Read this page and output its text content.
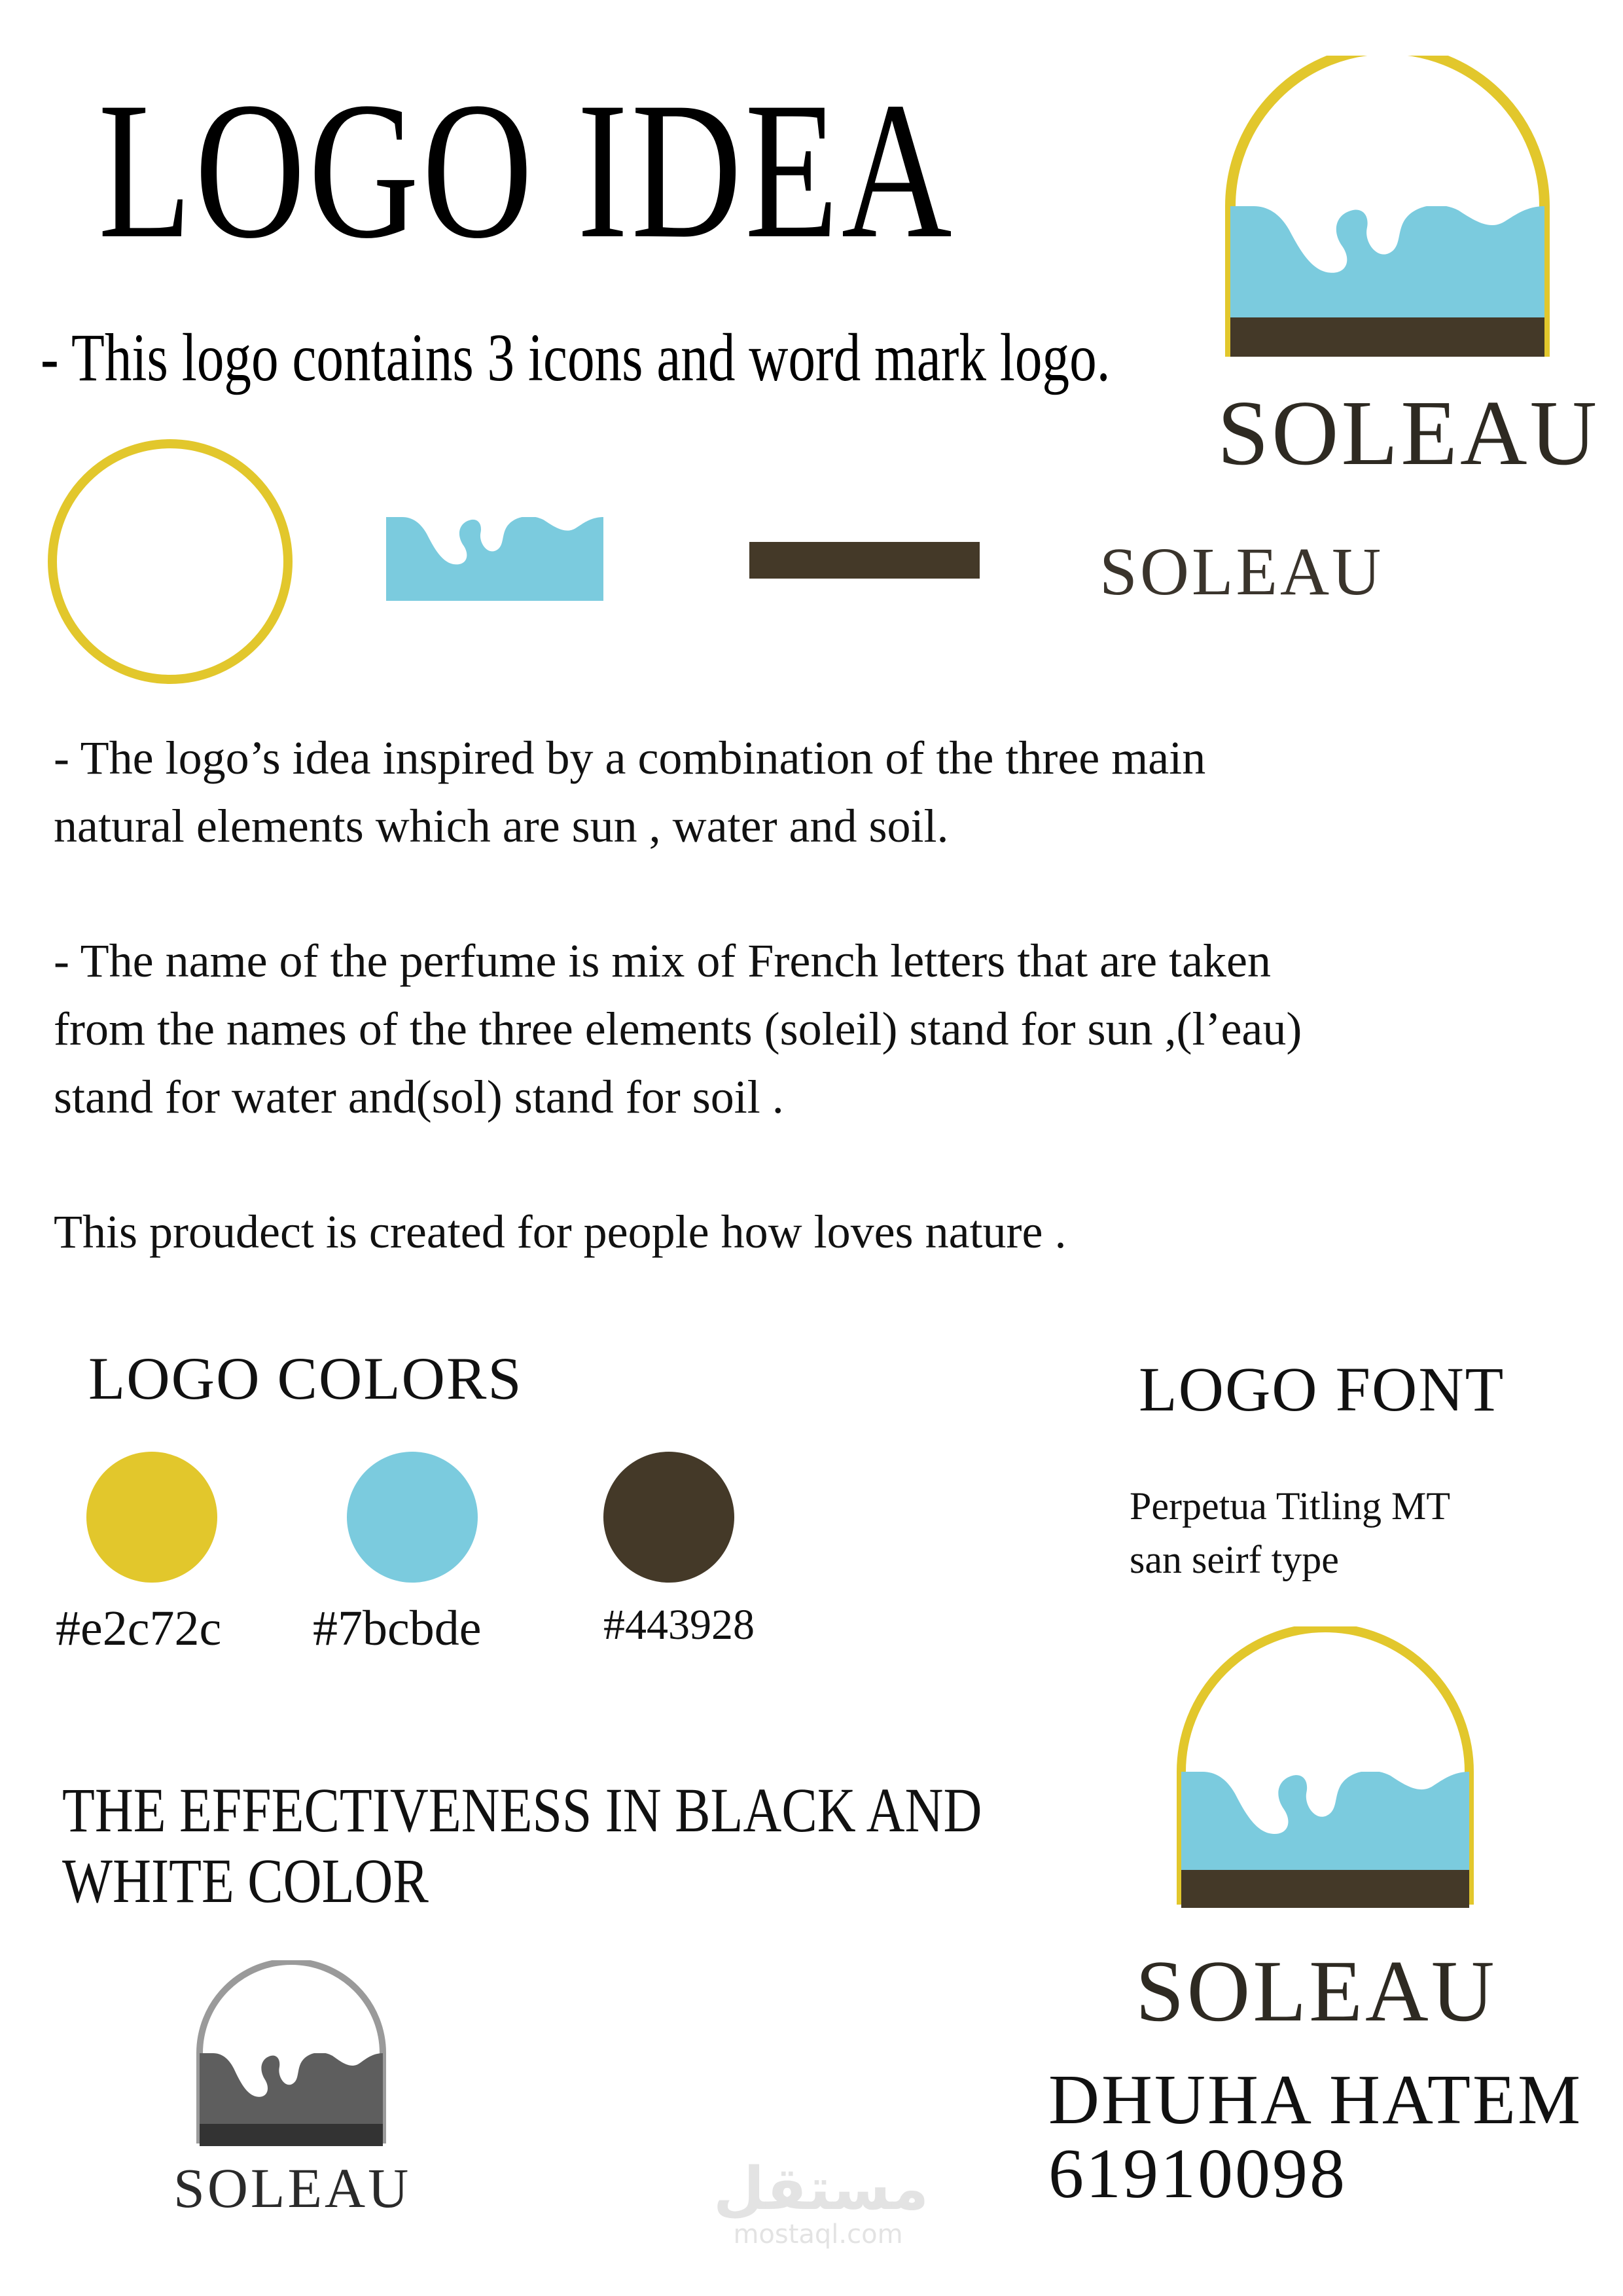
LOGO IDEA
- This logo contains 3 icons and word mark logo.
SOLEAU
SOLEAU
- The logo’s idea inspired by a combination of the three main
natural elements which are sun , water and soil.
- The name of the perfume is mix of French letters that are taken
from the names of the three elements (soleil) stand for sun ,(l’eau)
stand for water and(sol) stand for soil .
This proudect is created for people how loves nature .
LOGO COLORS
#e2c72c #7bcbde	#443928
LOGO FONT
Perpetua Titling MT
san seirf type
THE EFFECTIVENESS IN BLACK AND
WHITE COLOR
SOLEAU
SOLEAU
DHUHA HATEM
61910098
مستقل
mostaql.com
